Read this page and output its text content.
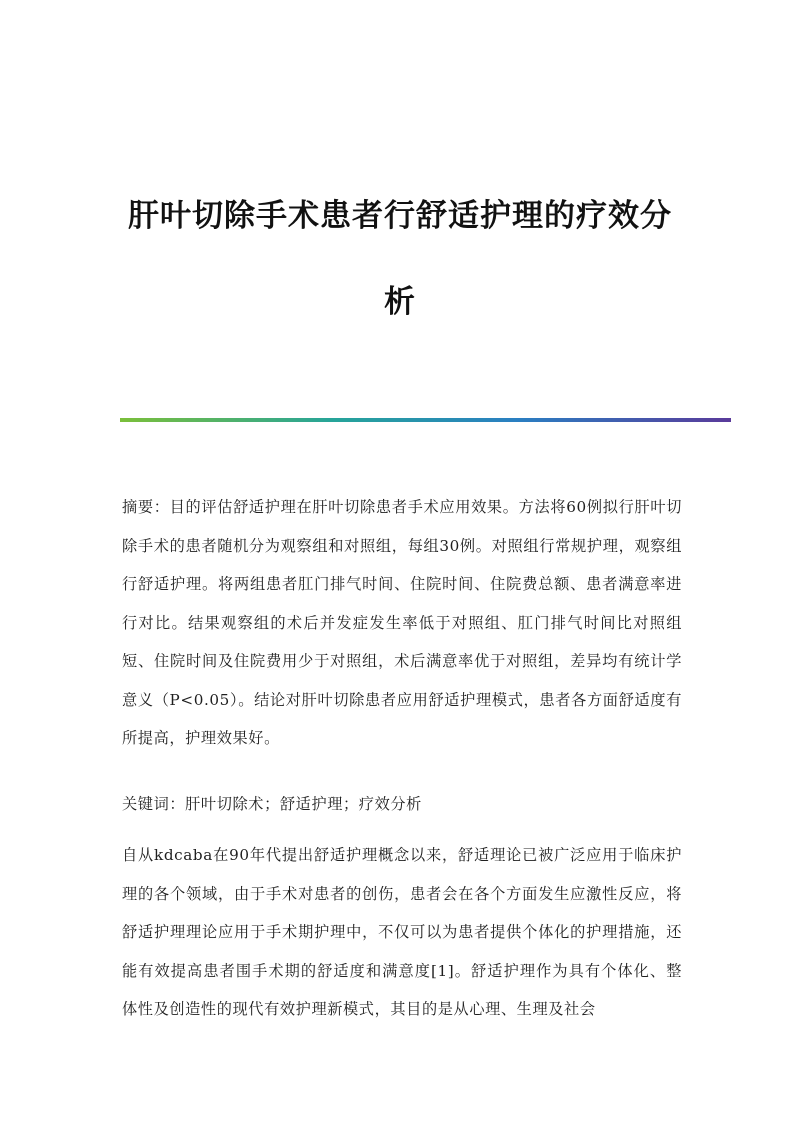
肝叶切除手术患者行舒适护理的疗效分
析

摘要：目的评估舒适护理在肝叶切除患者手术应用效果。方法将60例拟行肝叶切除手术的患者随机分为观察组和对照组，每组30例。对照组行常规护理，观察组行舒适护理。将两组患者肛门排气时间、住院时间、住院费总额、患者满意率进行对比。结果观察组的术后并发症发生率低于对照组、肛门排气时间比对照组短、住院时间及住院费用少于对照组，术后满意率优于对照组，差异均有统计学意义（P<0.05）。结论对肝叶切除患者应用舒适护理模式，患者各方面舒适度有所提高，护理效果好。

关键词：肝叶切除术；舒适护理；疗效分析

自从kdcaba在90年代提出舒适护理概念以来，舒适理论已被广泛应用于临床护理的各个领域，由于手术对患者的创伤，患者会在各个方面发生应激性反应，将舒适护理理论应用于手术期护理中，不仅可以为患者提供个体化的护理措施，还能有效提高患者围手术期的舒适度和满意度[1]。舒适护理作为具有个体化、整体性及创造性的现代有效护理新模式，其目的是从心理、生理及社会
